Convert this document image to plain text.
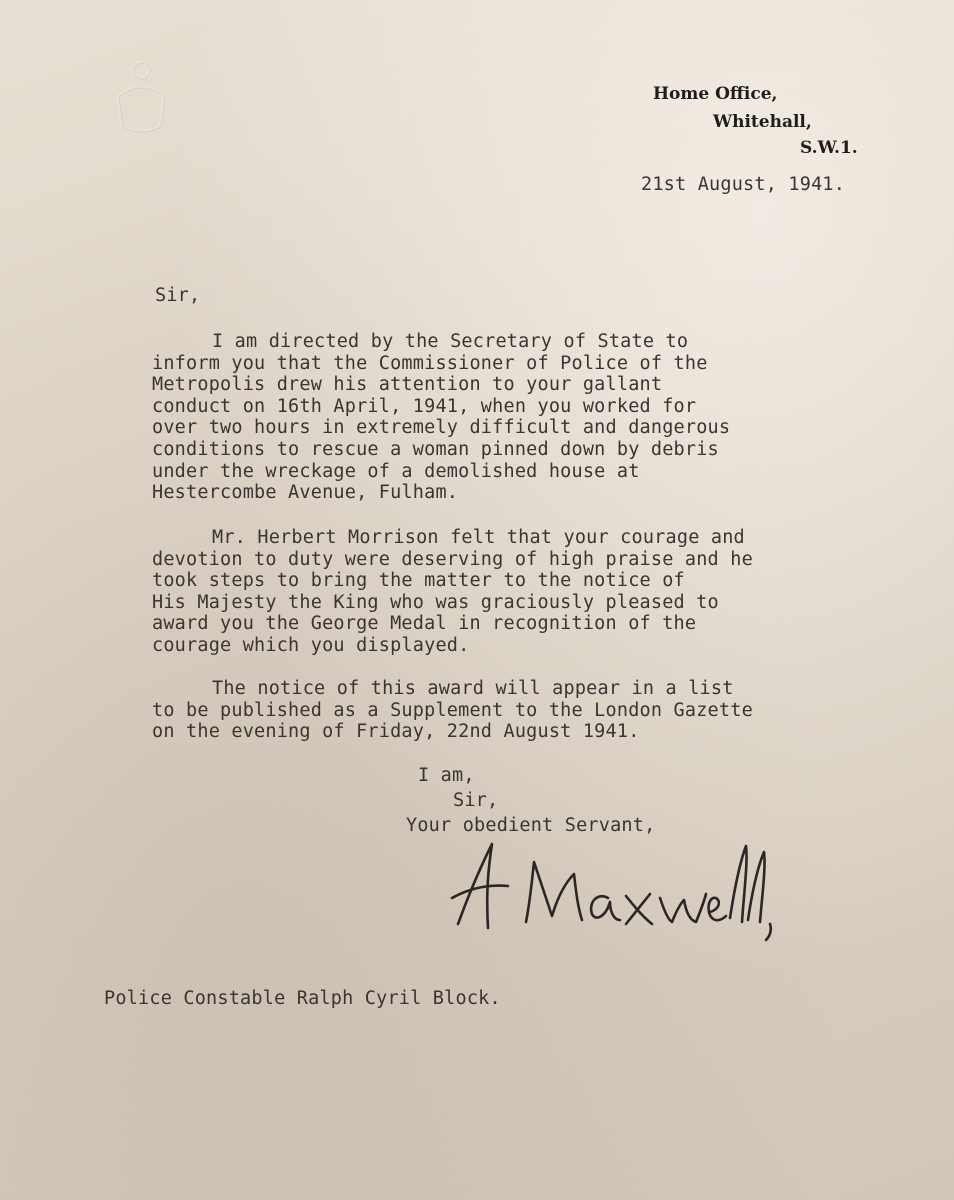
Home Office,
Whitehall,
S.W.1.
21st August, 1941.
Sir,
I am directed by the Secretary of State to
inform you that the Commissioner of Police of the
Metropolis drew his attention to your gallant
conduct on 16th April, 1941, when you worked for
over two hours in extremely difficult and dangerous
conditions to rescue a woman pinned down by debris
under the wreckage of a demolished house at
Hestercombe Avenue, Fulham.
Mr. Herbert Morrison felt that your courage and
devotion to duty were deserving of high praise and he
took steps to bring the matter to the notice of
His Majesty the King who was graciously pleased to
award you the George Medal in recognition of the
courage which you displayed.
The notice of this award will appear in a list
to be published as a Supplement to the London Gazette
on the evening of Friday, 22nd August 1941.
I am,
Sir,
Your obedient Servant,
Police Constable Ralph Cyril Block.
